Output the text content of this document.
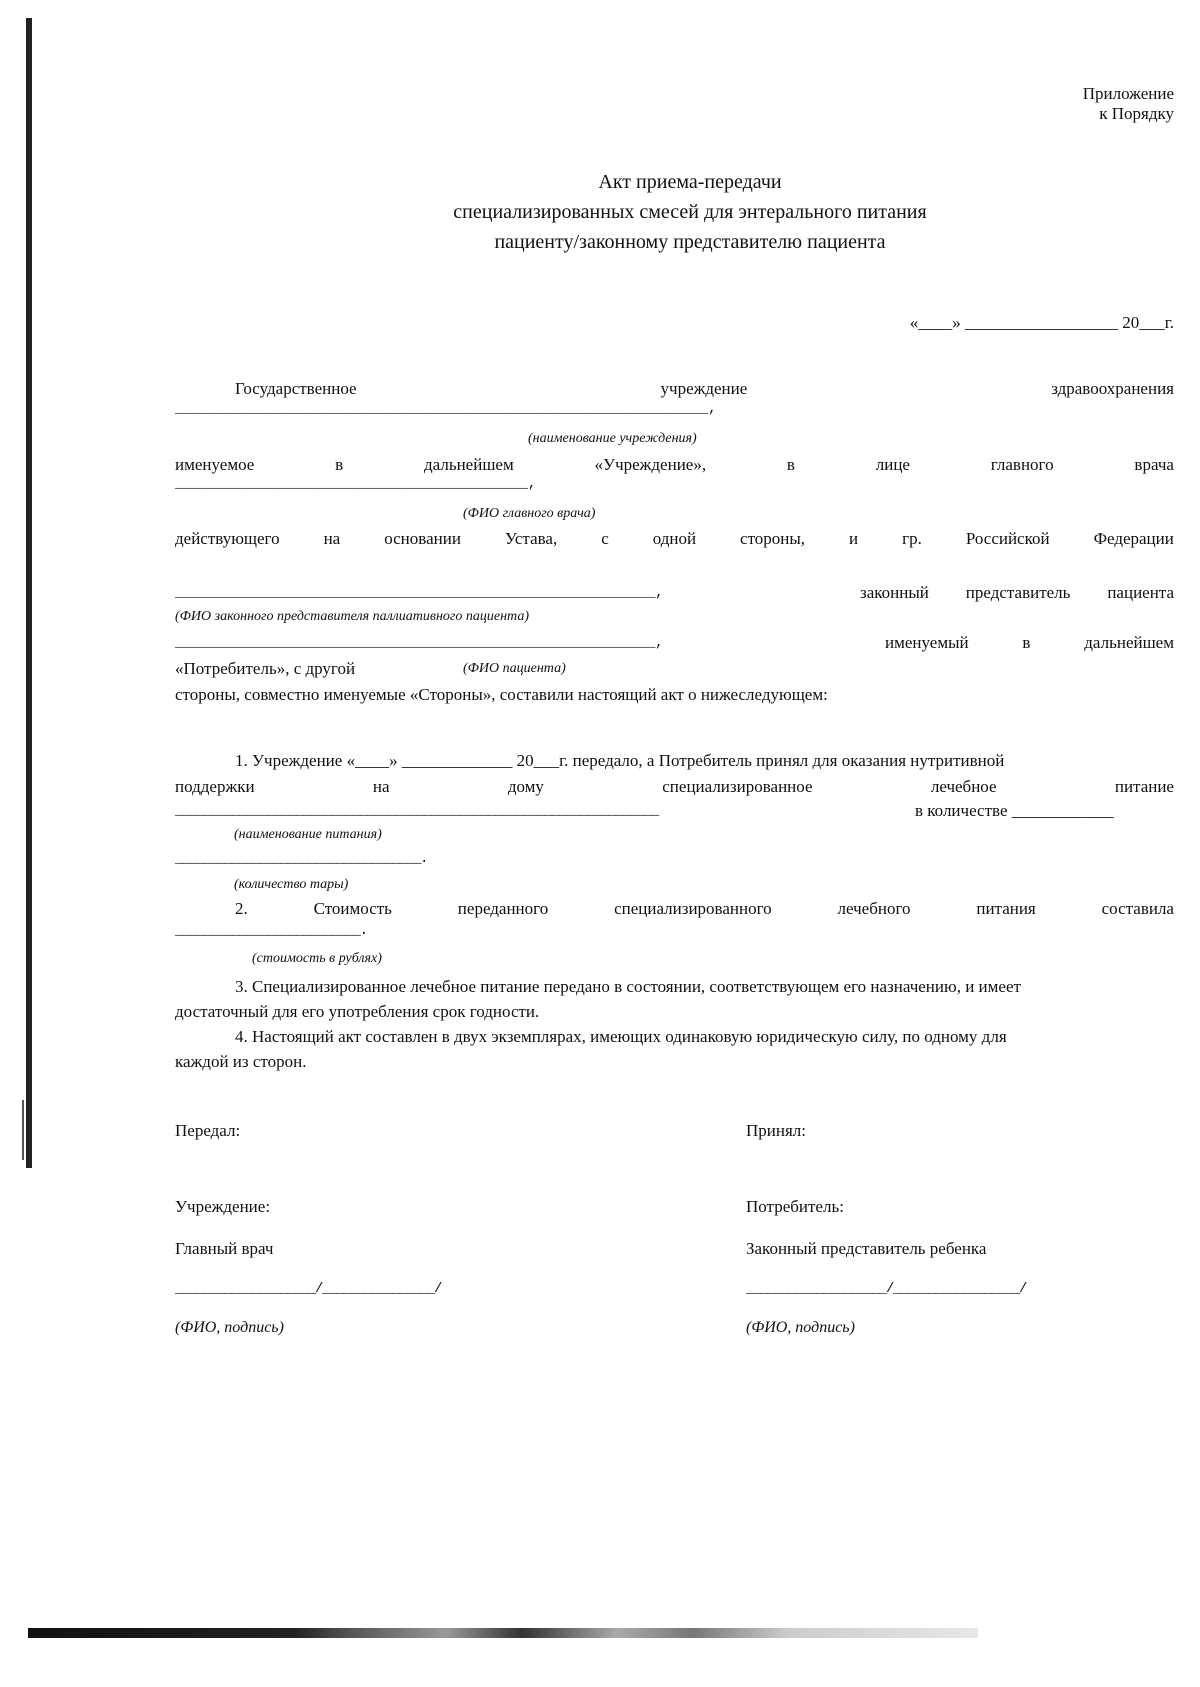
Приложение
к Порядку
Акт приема-передачи
специализированных смесей для энтерального питания
пациенту/законному представителю пациента
«____» __________________ 20___г.
Государственное	учреждение	здравоохранения
_________________________________________________________________,
(наименование учреждения)
именуемое	в	дальнейшем	«Учреждение»,	в	лице	главного	врача
__________________________________________,
(ФИО главного врача)
действующего	на	основании	Устава,	с	одной	стороны,	и	гр.	Российской	Федерации
____________________________________________________________,	законный представитель пациента
(ФИО законного представителя паллиативного пациента)
____________________________________________________________,	именуемый	в	дальнейшем
«Потребитель», с другой	(ФИО пациента)
стороны, совместно именуемые «Стороны», составили настоящий акт о нижеследующем:
1. Учреждение «____» _____________ 20___г. передало, а Потребитель принял для оказания нутритивной
поддержки	на	дому	специализированное	лечебное	питание
____________________________________________________________________	в количестве ____________
(наименование питания)
___________________________________.
(количество тары)
2.	Стоимость	переданного	специализированного	лечебного	питания	составила
__________________________.
(стоимость в рублях)
3. Специализированное лечебное питание передано в состоянии, соответствующем его назначению, и имеет
достаточный для его употребления срок годности.
4. Настоящий акт составлен в двух экземплярах, имеющих одинаковую юридическую силу, по одному для
каждой из сторон.
Передал:
Учреждение:
Главный врач
____________________/________________/
(ФИО, подпись)
Принял:
Потребитель:
Законный представитель ребенка
____________________/__________________/
(ФИО, подпись)
